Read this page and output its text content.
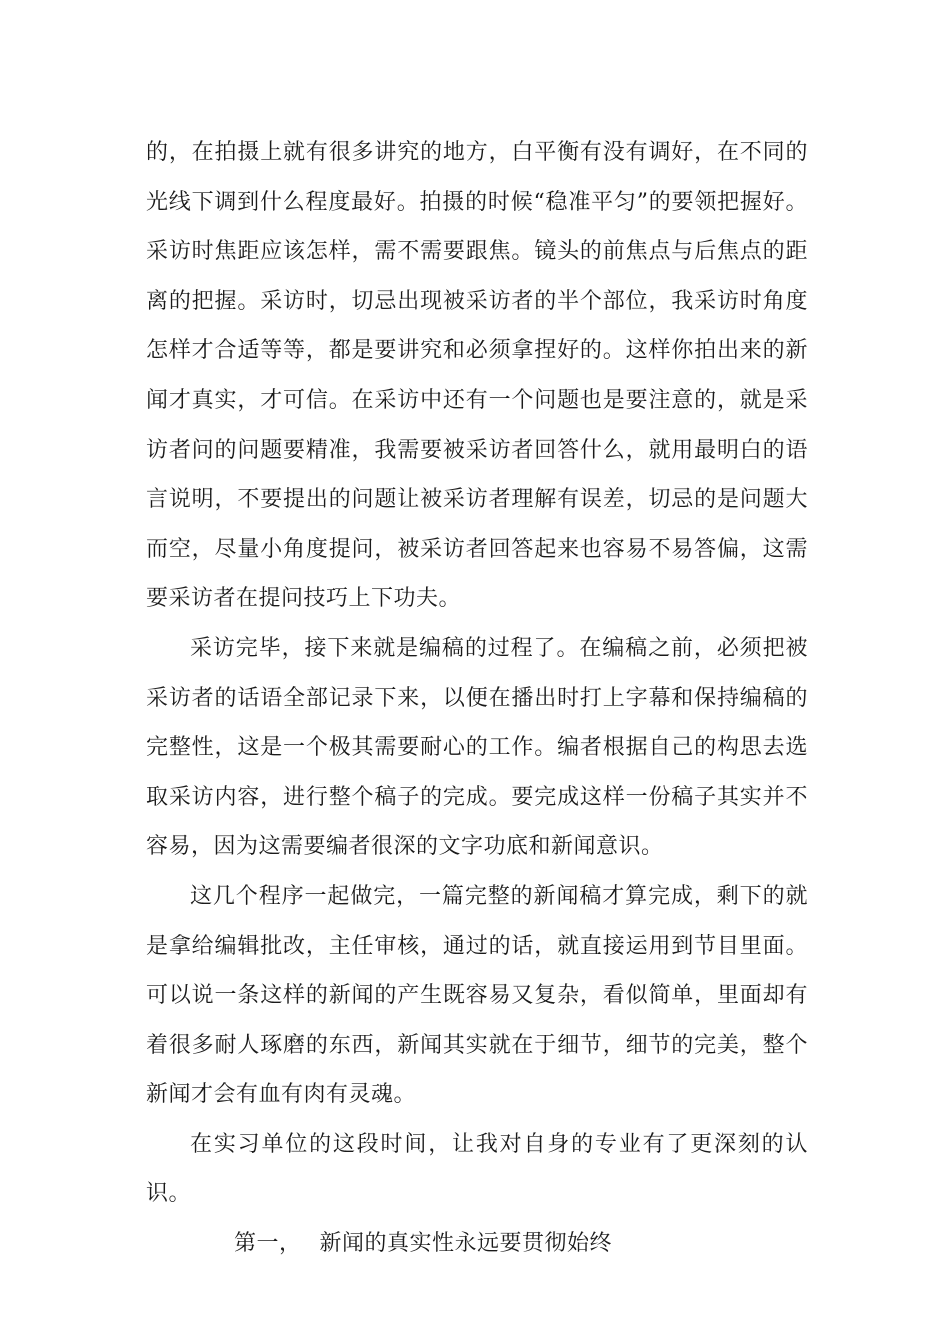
的，在拍摄上就有很多讲究的地方，白平衡有没有调好，在不同的光线下调到什么程度最好。拍摄的时候“稳准平匀”的要领把握好。采访时焦距应该怎样，需不需要跟焦。镜头的前焦点与后焦点的距离的把握。采访时，切忌出现被采访者的半个部位，我采访时角度怎样才合适等等，都是要讲究和必须拿捏好的。这样你拍出来的新闻才真实，才可信。在采访中还有一个问题也是要注意的，就是采访者问的问题要精准，我需要被采访者回答什么，就用最明白的语言说明，不要提出的问题让被采访者理解有误差，切忌的是问题大而空，尽量小角度提问，被采访者回答起来也容易不易答偏，这需要采访者在提问技巧上下功夫。

采访完毕，接下来就是编稿的过程了。在编稿之前，必须把被采访者的话语全部记录下来，以便在播出时打上字幕和保持编稿的完整性，这是一个极其需要耐心的工作。编者根据自己的构思去选取采访内容，进行整个稿子的完成。要完成这样一份稿子其实并不容易，因为这需要编者很深的文字功底和新闻意识。

这几个程序一起做完，一篇完整的新闻稿才算完成，剩下的就是拿给编辑批改，主任审核，通过的话，就直接运用到节目里面。可以说一条这样的新闻的产生既容易又复杂，看似简单，里面却有着很多耐人琢磨的东西，新闻其实就在于细节，细节的完美，整个新闻才会有血有肉有灵魂。

在实习单位的这段时间，让我对自身的专业有了更深刻的认识。

第一， 新闻的真实性永远要贯彻始终
